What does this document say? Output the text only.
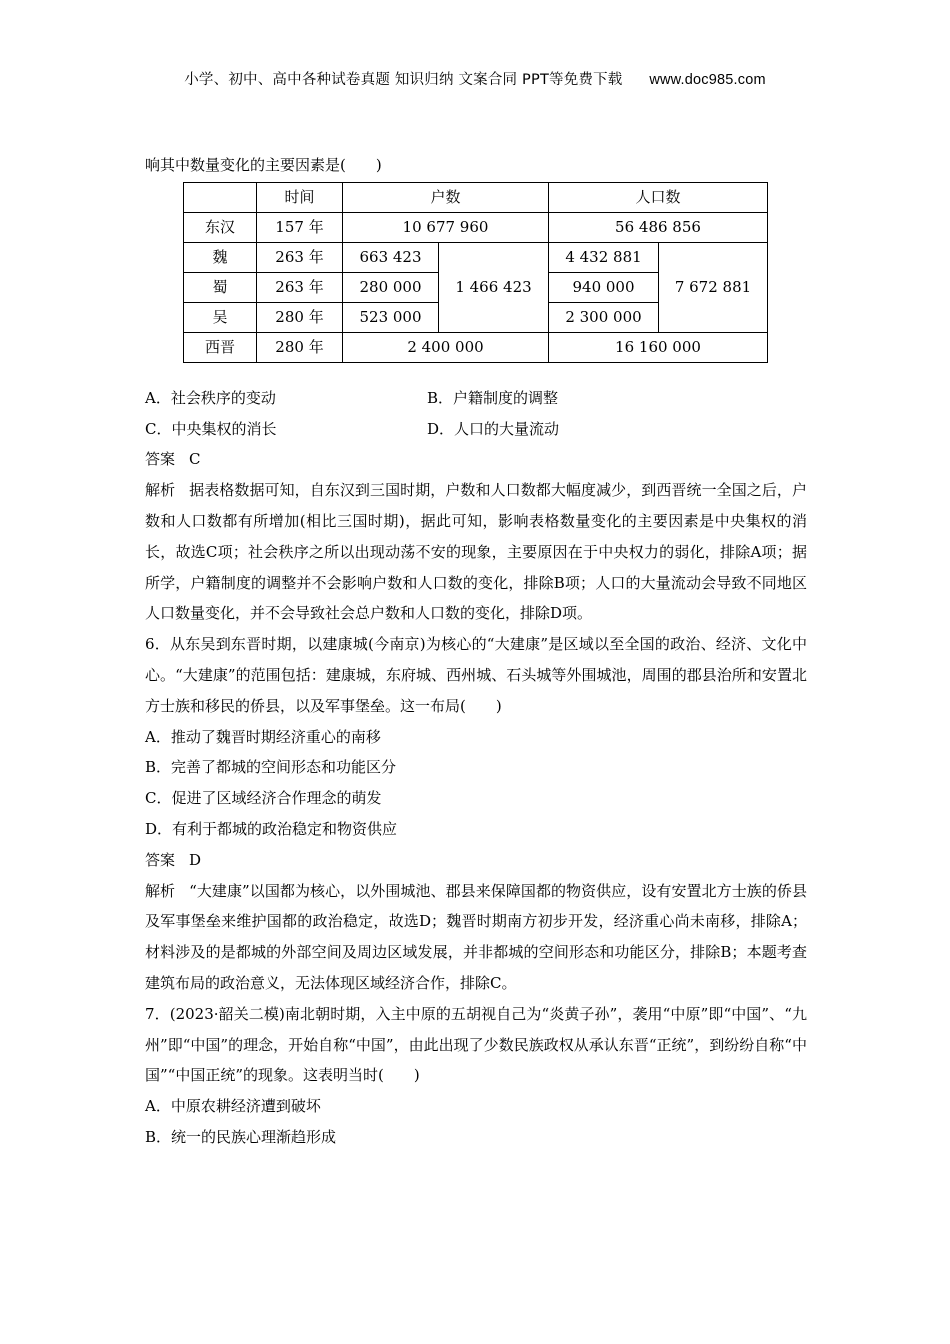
小学、初中、高中各种试卷真题 知识归纳 文案合同 PPT等免费下载 www.doc985.com
响其中数量变化的主要因素是(　　)
	时间	户数		人口数	
东汉	157 年	10 677 960		56 486 856	
魏	263 年	663 423	1 466 423	4 432 881	7 672 881
蜀	263 年	280 000		940 000	
吴	280 年	523 000		2 300 000	
西晋	280 年	2 400 000		16 160 000	
A．社会秩序的变动	B．户籍制度的调整
C．中央集权的消长	D．人口的大量流动
答案 C
解析 据表格数据可知，自东汉到三国时期，户数和人口数都大幅度减少，到西晋统一全国之后，户数和人口数都有所增加(相比三国时期)，据此可知，影响表格数量变化的主要因素是中央集权的消长，故选C项；社会秩序之所以出现动荡不安的现象，主要原因在于中央权力的弱化，排除A项；据所学，户籍制度的调整并不会影响户数和人口数的变化，排除B项；人口的大量流动会导致不同地区人口数量变化，并不会导致社会总户数和人口数的变化，排除D项。
6．从东吴到东晋时期，以建康城(今南京)为核心的“大建康”是区域以至全国的政治、经济、文化中心。“大建康”的范围包括：建康城，东府城、西州城、石头城等外围城池，周围的郡县治所和安置北方士族和移民的侨县，以及军事堡垒。这一布局(　　)
A．推动了魏晋时期经济重心的南移
B．完善了都城的空间形态和功能区分
C．促进了区域经济合作理念的萌发
D．有利于都城的政治稳定和物资供应
答案 D
解析 “大建康”以国都为核心，以外围城池、郡县来保障国都的物资供应，设有安置北方士族的侨县及军事堡垒来维护国都的政治稳定，故选D；魏晋时期南方初步开发，经济重心尚未南移，排除A；材料涉及的是都城的外部空间及周边区域发展，并非都城的空间形态和功能区分，排除B；本题考查建筑布局的政治意义，无法体现区域经济合作，排除C。
7．(2023·韶关二模)南北朝时期，入主中原的五胡视自己为“炎黄子孙”，袭用“中原”即“中国”、“九州”即“中国”的理念，开始自称“中国”，由此出现了少数民族政权从承认东晋“正统”，到纷纷自称“中国”“中国正统”的现象。这表明当时(　　)
A．中原农耕经济遭到破坏
B．统一的民族心理渐趋形成
